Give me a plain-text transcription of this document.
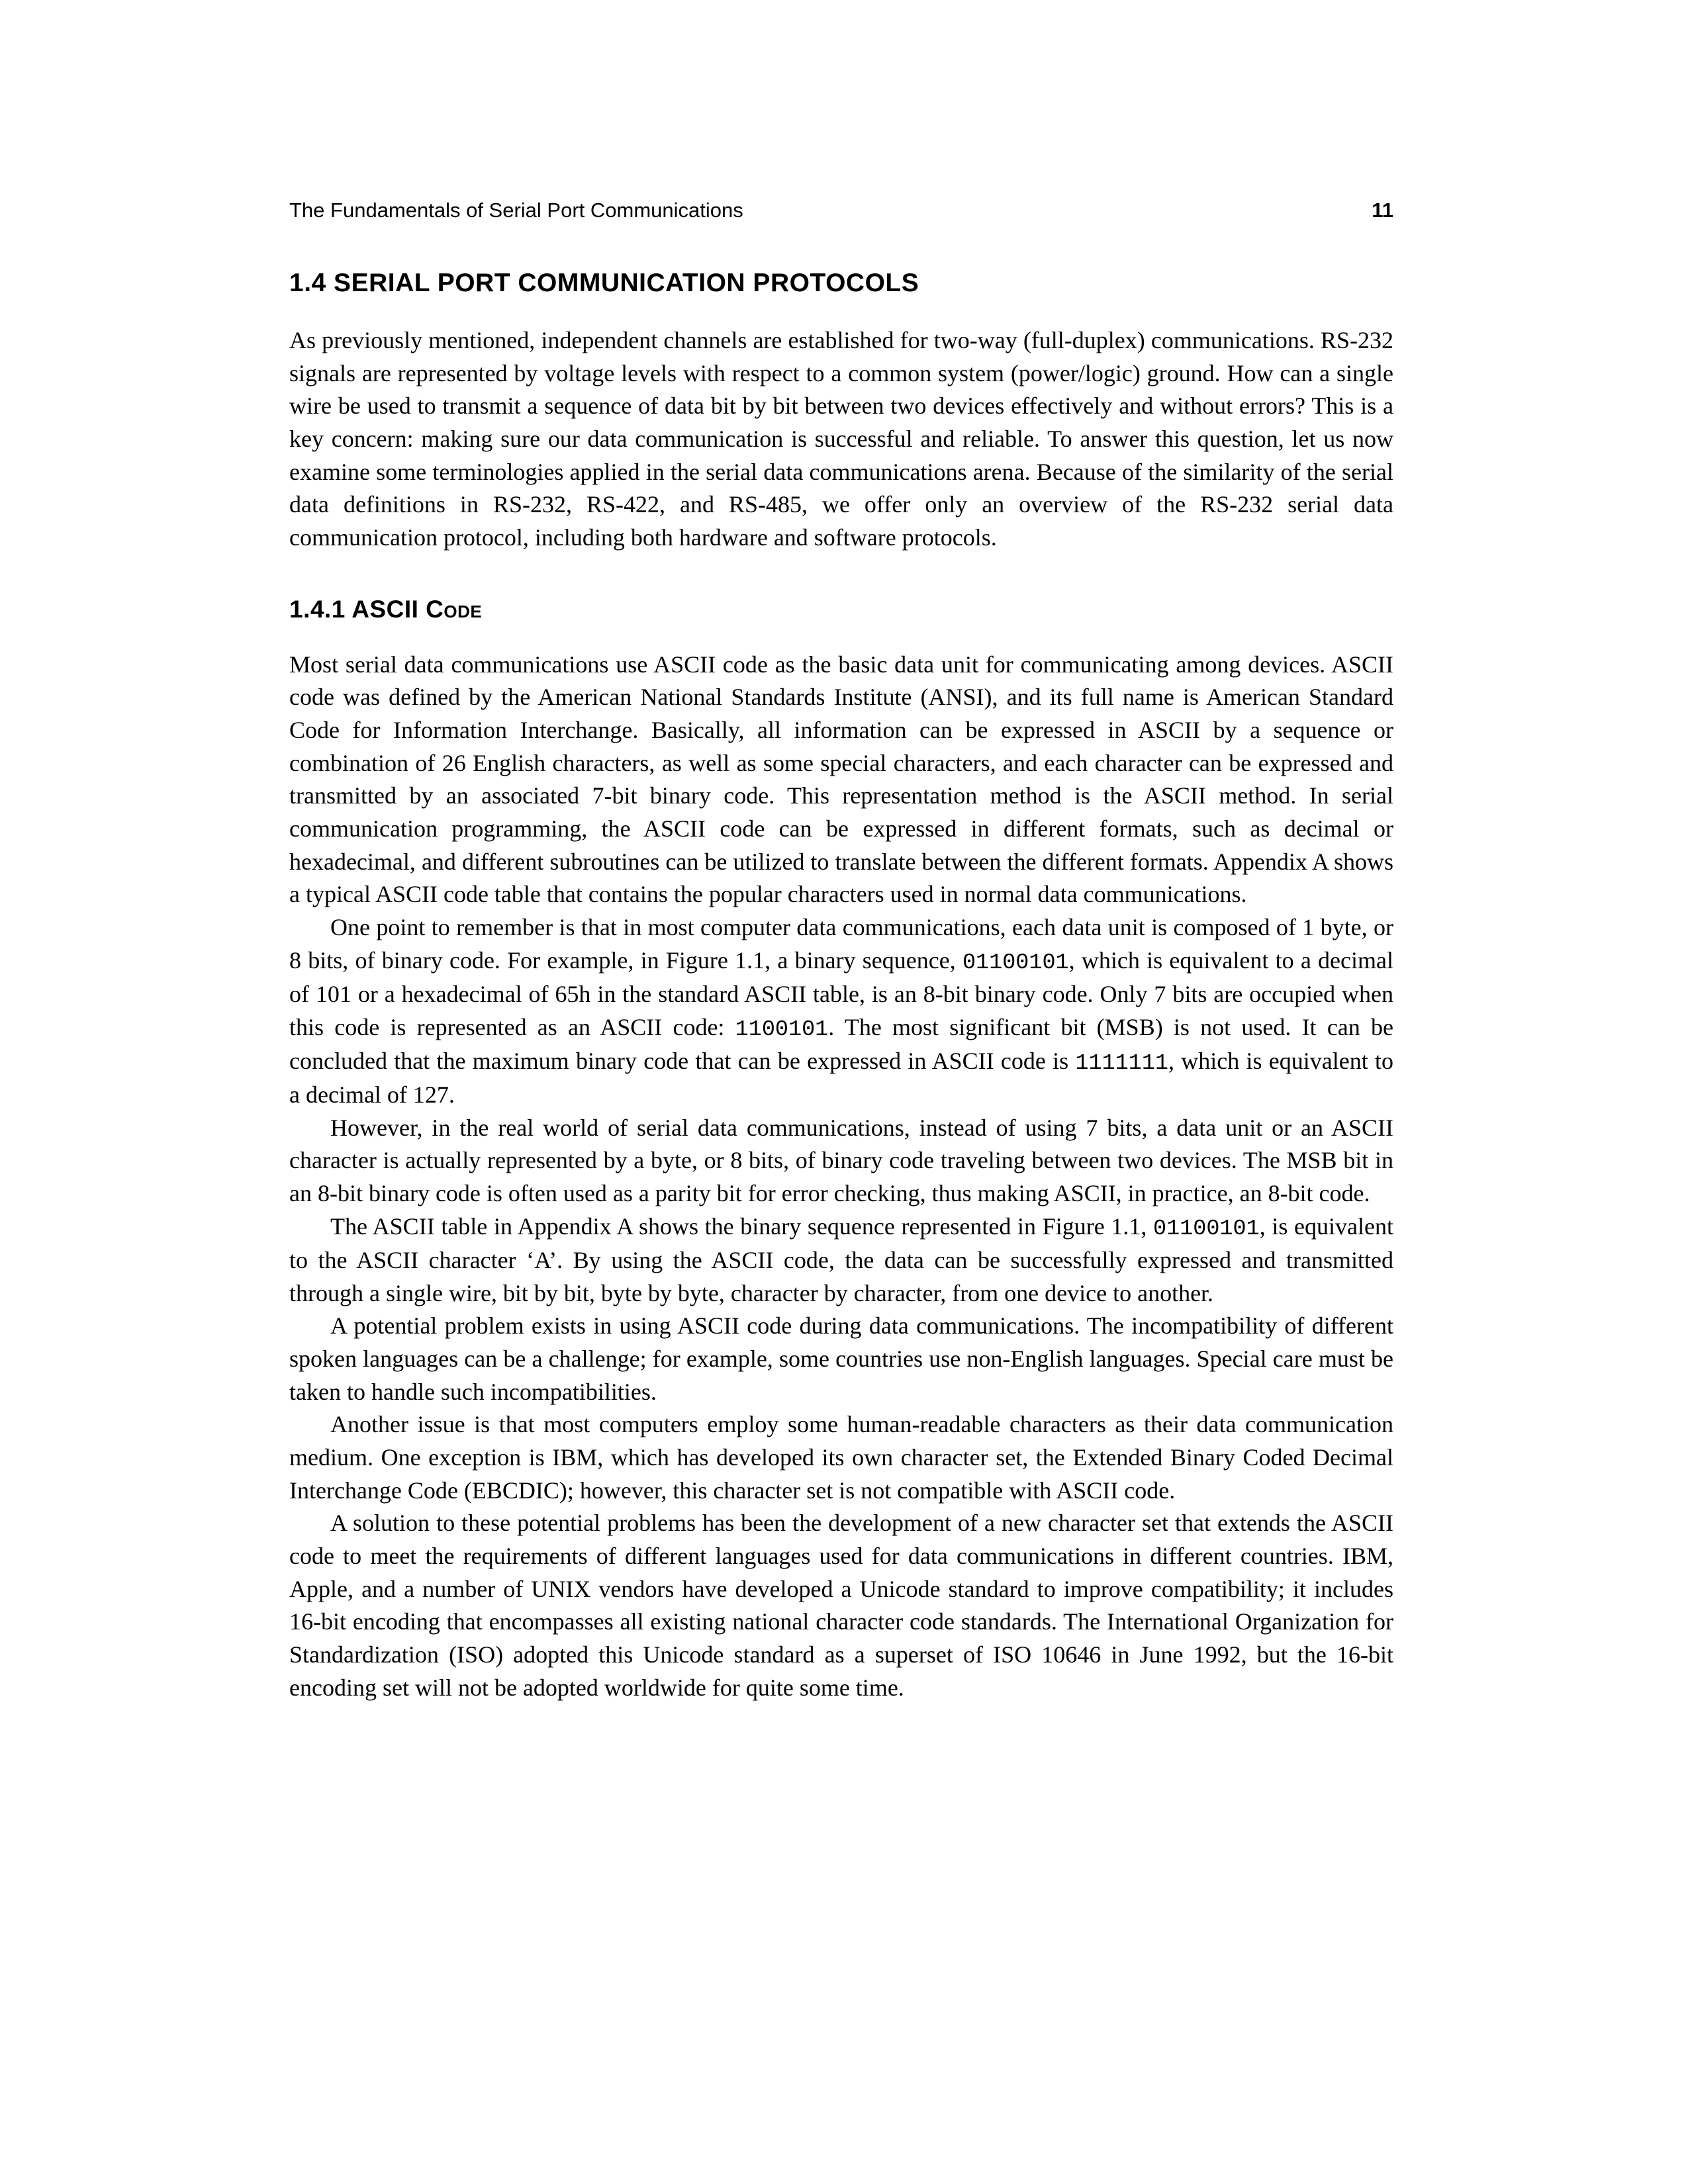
The Fundamentals of Serial Port Communications	11
1.4 SERIAL PORT COMMUNICATION PROTOCOLS

As previously mentioned, independent channels are established for two-way (full-duplex) communications. RS-232 signals are represented by voltage levels with respect to a common system (power/logic) ground. How can a single wire be used to transmit a sequence of data bit by bit between two devices effectively and without errors? This is a key concern: making sure our data communication is successful and reliable. To answer this question, let us now examine some terminologies applied in the serial data communications arena. Because of the similarity of the serial data definitions in RS-232, RS-422, and RS-485, we offer only an overview of the RS-232 serial data communication protocol, including both hardware and software protocols.

1.4.1 ASCII Code

Most serial data communications use ASCII code as the basic data unit for communicating among devices. ASCII code was defined by the American National Standards Institute (ANSI), and its full name is American Standard Code for Information Interchange. Basically, all information can be expressed in ASCII by a sequence or combination of 26 English characters, as well as some special characters, and each character can be expressed and transmitted by an associated 7-bit binary code. This representation method is the ASCII method. In serial communication programming, the ASCII code can be expressed in different formats, such as decimal or hexadecimal, and different subroutines can be utilized to translate between the different formats. Appendix A shows a typical ASCII code table that contains the popular characters used in normal data communications.

One point to remember is that in most computer data communications, each data unit is composed of 1 byte, or 8 bits, of binary code. For example, in Figure 1.1, a binary sequence, 01100101, which is equivalent to a decimal of 101 or a hexadecimal of 65h in the standard ASCII table, is an 8-bit binary code. Only 7 bits are occupied when this code is represented as an ASCII code: 1100101. The most significant bit (MSB) is not used. It can be concluded that the maximum binary code that can be expressed in ASCII code is 1111111, which is equivalent to a decimal of 127.

However, in the real world of serial data communications, instead of using 7 bits, a data unit or an ASCII character is actually represented by a byte, or 8 bits, of binary code traveling between two devices. The MSB bit in an 8-bit binary code is often used as a parity bit for error checking, thus making ASCII, in practice, an 8-bit code.

The ASCII table in Appendix A shows the binary sequence represented in Figure 1.1, 01100101, is equivalent to the ASCII character ‘A’. By using the ASCII code, the data can be successfully expressed and transmitted through a single wire, bit by bit, byte by byte, character by character, from one device to another.

A potential problem exists in using ASCII code during data communications. The incompatibility of different spoken languages can be a challenge; for example, some countries use non-English languages. Special care must be taken to handle such incompatibilities.

Another issue is that most computers employ some human-readable characters as their data communication medium. One exception is IBM, which has developed its own character set, the Extended Binary Coded Decimal Interchange Code (EBCDIC); however, this character set is not compatible with ASCII code.

A solution to these potential problems has been the development of a new character set that extends the ASCII code to meet the requirements of different languages used for data communications in different countries. IBM, Apple, and a number of UNIX vendors have developed a Unicode standard to improve compatibility; it includes 16-bit encoding that encompasses all existing national character code standards. The International Organization for Standardization (ISO) adopted this Unicode standard as a superset of ISO 10646 in June 1992, but the 16-bit encoding set will not be adopted worldwide for quite some time.
